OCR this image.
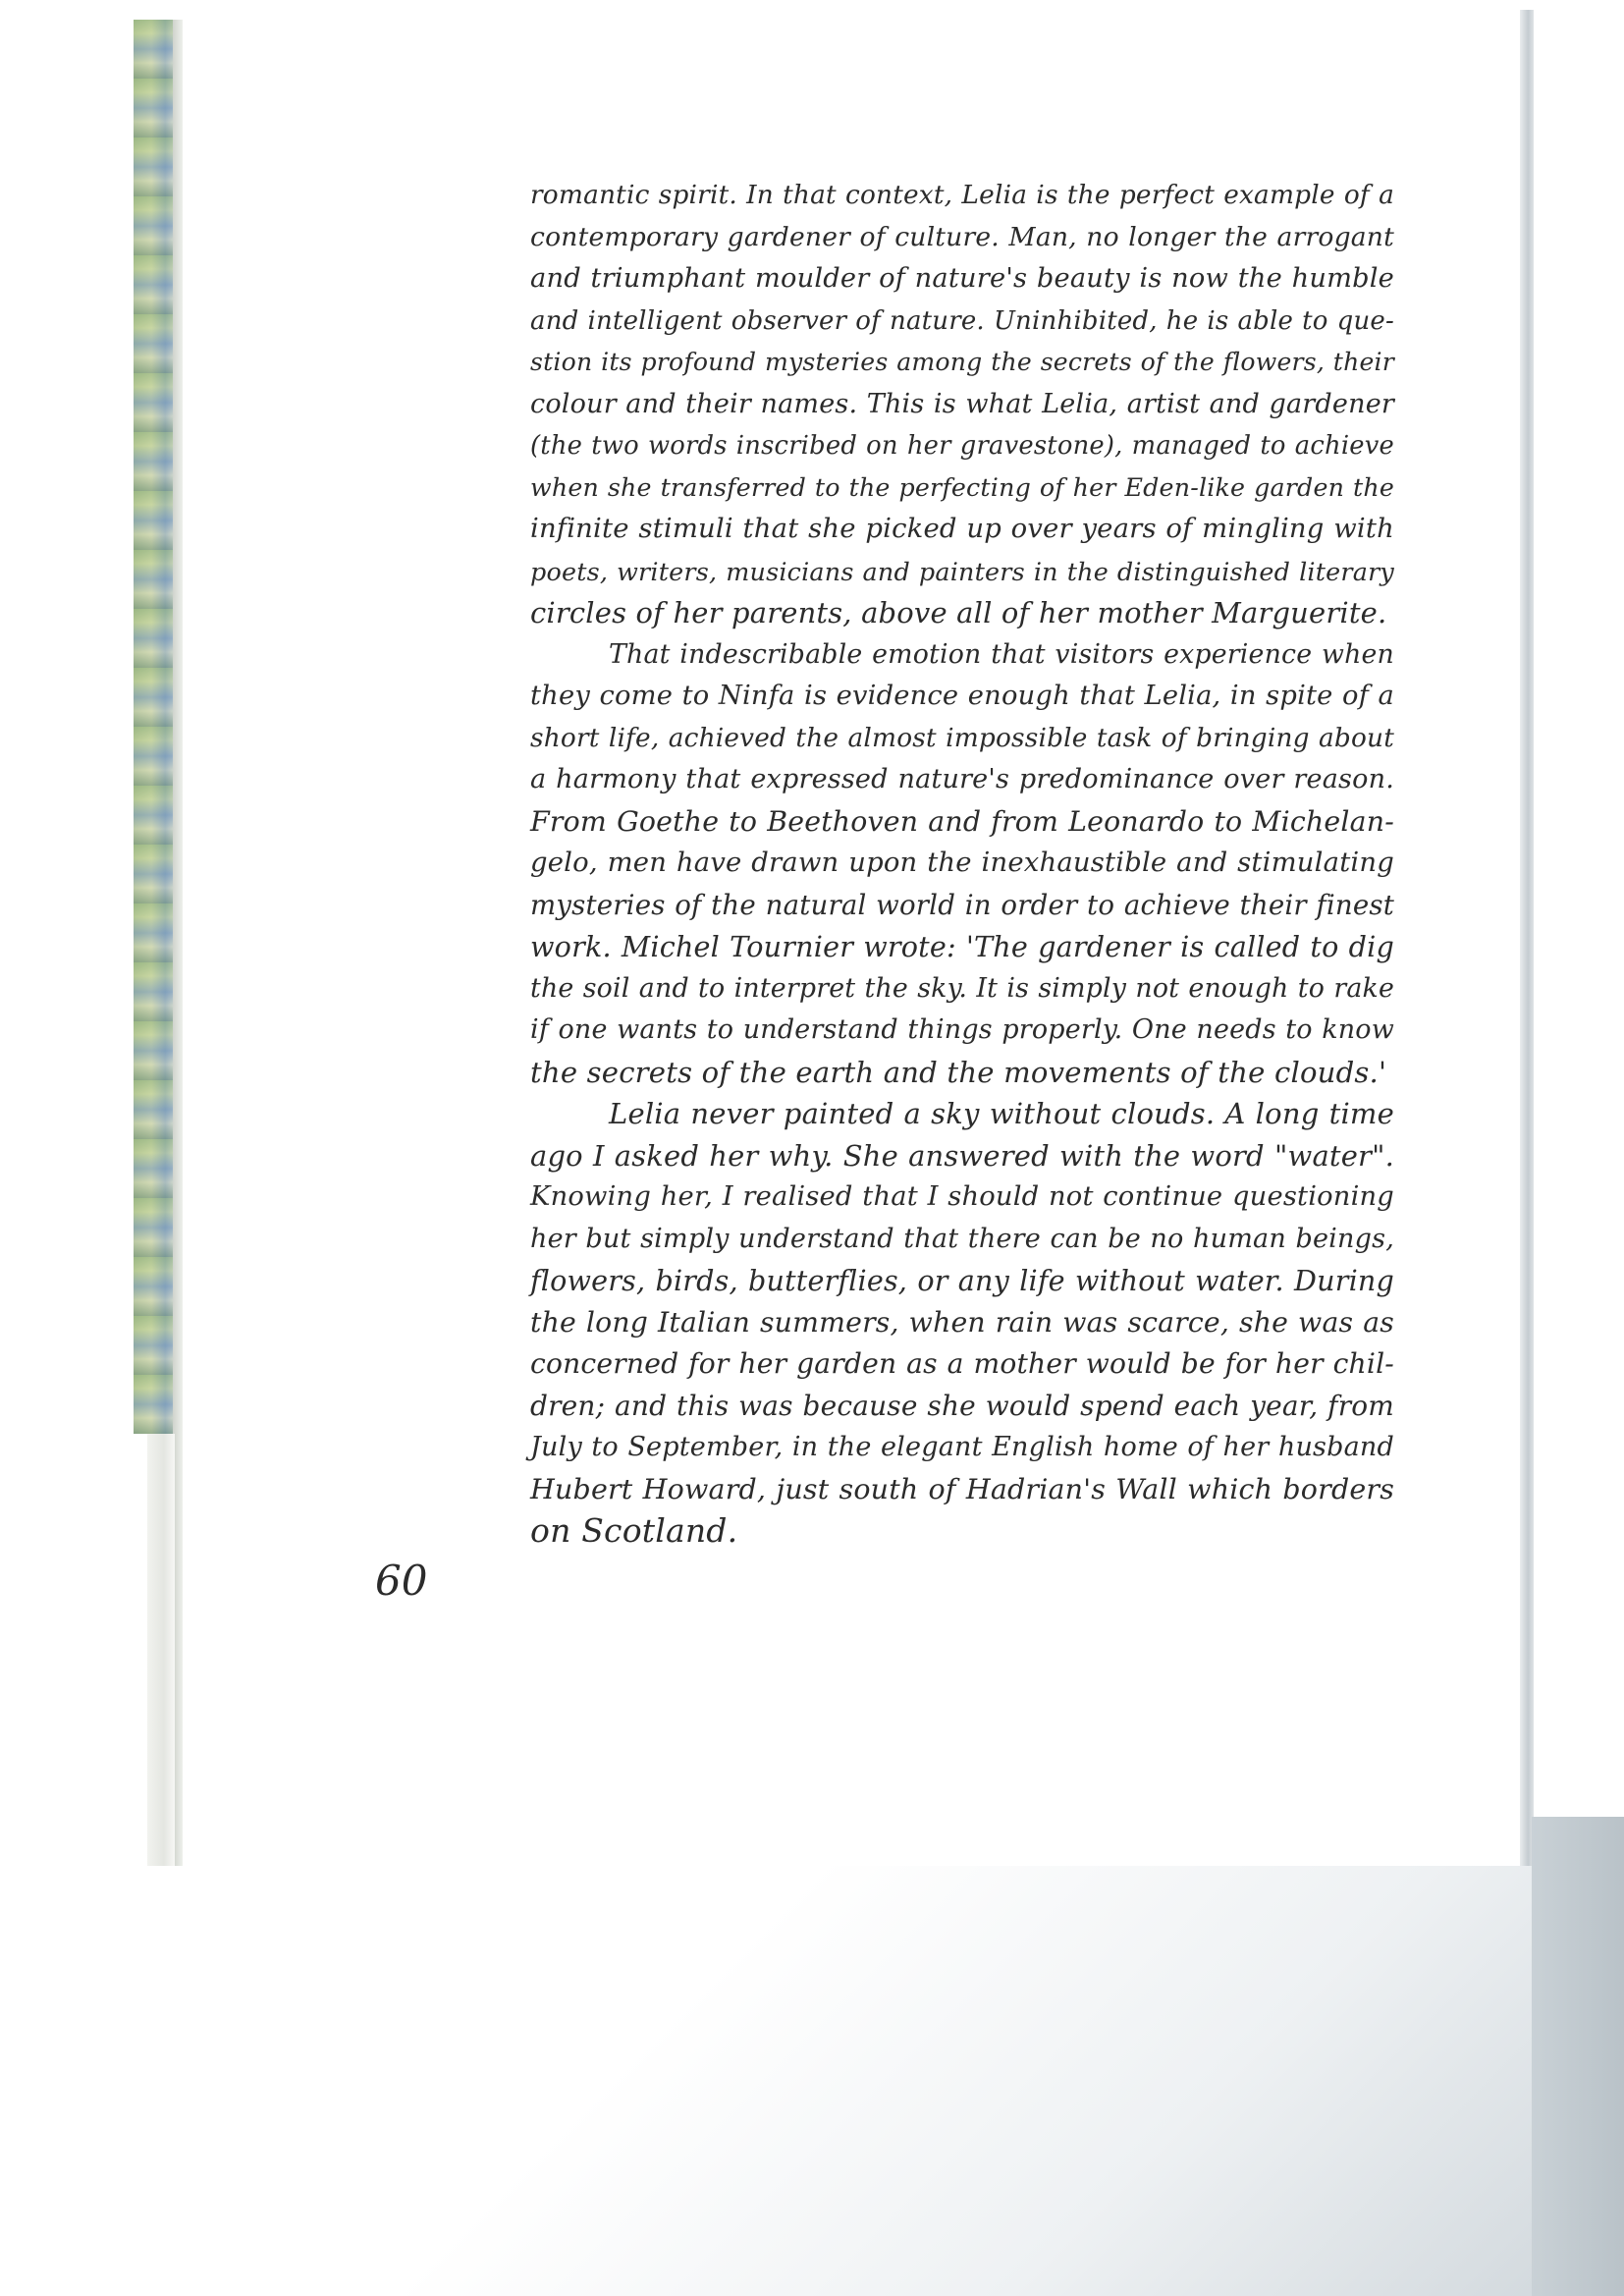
romantic spirit. In that context, Lelia is the perfect example of a
contemporary gardener of culture. Man, no longer the arrogant
and triumphant moulder of nature's beauty is now the humble
and intelligent observer of nature. Uninhibited, he is able to que-
stion its profound mysteries among the secrets of the flowers, their
colour and their names. This is what Lelia, artist and gardener
(the two words inscribed on her gravestone), managed to achieve
when she transferred to the perfecting of her Eden-like garden the
infinite stimuli that she picked up over years of mingling with
poets, writers, musicians and painters in the distinguished literary
circles of her parents, above all of her mother Marguerite.
That indescribable emotion that visitors experience when
they come to Ninfa is evidence enough that Lelia, in spite of a
short life, achieved the almost impossible task of bringing about
a harmony that expressed nature's predominance over reason.
From Goethe to Beethoven and from Leonardo to Michelan-
gelo, men have drawn upon the inexhaustible and stimulating
mysteries of the natural world in order to achieve their finest
work. Michel Tournier wrote: 'The gardener is called to dig
the soil and to interpret the sky. It is simply not enough to rake
if one wants to understand things properly. One needs to know
the secrets of the earth and the movements of the clouds.'
Lelia never painted a sky without clouds. A long time
ago I asked her why. She answered with the word "water".
Knowing her, I realised that I should not continue questioning
her but simply understand that there can be no human beings,
flowers, birds, butterflies, or any life without water. During
the long Italian summers, when rain was scarce, she was as
concerned for her garden as a mother would be for her chil-
dren; and this was because she would spend each year, from
July to September, in the elegant English home of her husband
Hubert Howard, just south of Hadrian's Wall which borders
on Scotland.
60
